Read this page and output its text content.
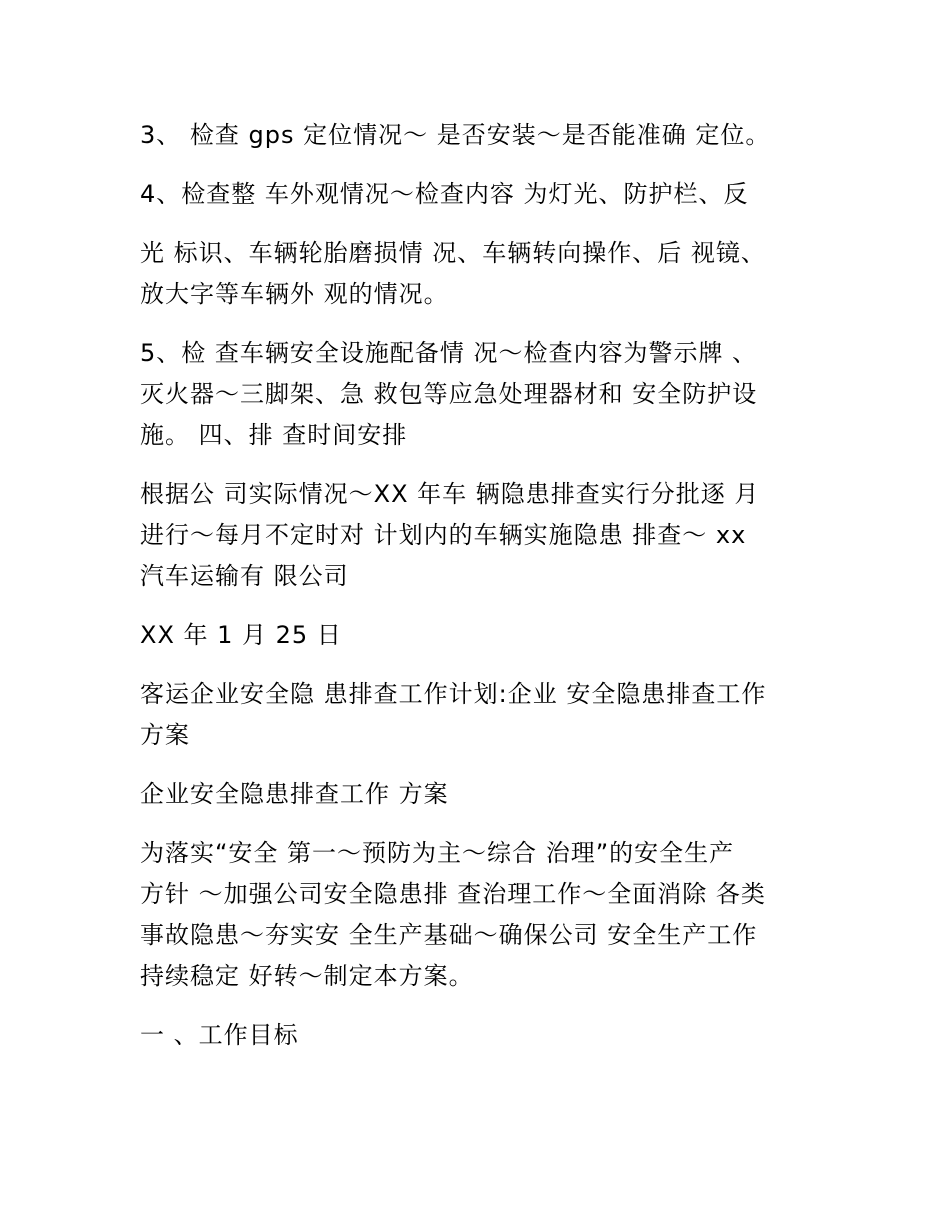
3、 检查 gps 定位情况～ 是否安装～是否能准确 定位。

4、检查整 车外观情况～检查内容 为灯光、防护栏、反

光 标识、车辆轮胎磨损情 况、车辆转向操作、后 视镜、
放大字等车辆外 观的情况。

5、检 查车辆安全设施配备情 况～检查内容为警示牌 、
灭火器～三脚架、急 救包等应急处理器材和 安全防护设
施。 四、排 查时间安排

根据公 司实际情况～XX 年车 辆隐患排查实行分批逐 月
进行～每月不定时对 计划内的车辆实施隐患 排查～ xx
汽车运输有 限公司

XX 年 1 月 25 日

客运企业安全隐 患排查工作计划:企业 安全隐患排查工作
方案

企业安全隐患排查工作 方案

为落实“安全 第一～预防为主～综合 治理”的安全生产
方针 ～加强公司安全隐患排 查治理工作～全面消除 各类
事故隐患～夯实安 全生产基础～确保公司 安全生产工作
持续稳定 好转～制定本方案。

一 、工作目标
